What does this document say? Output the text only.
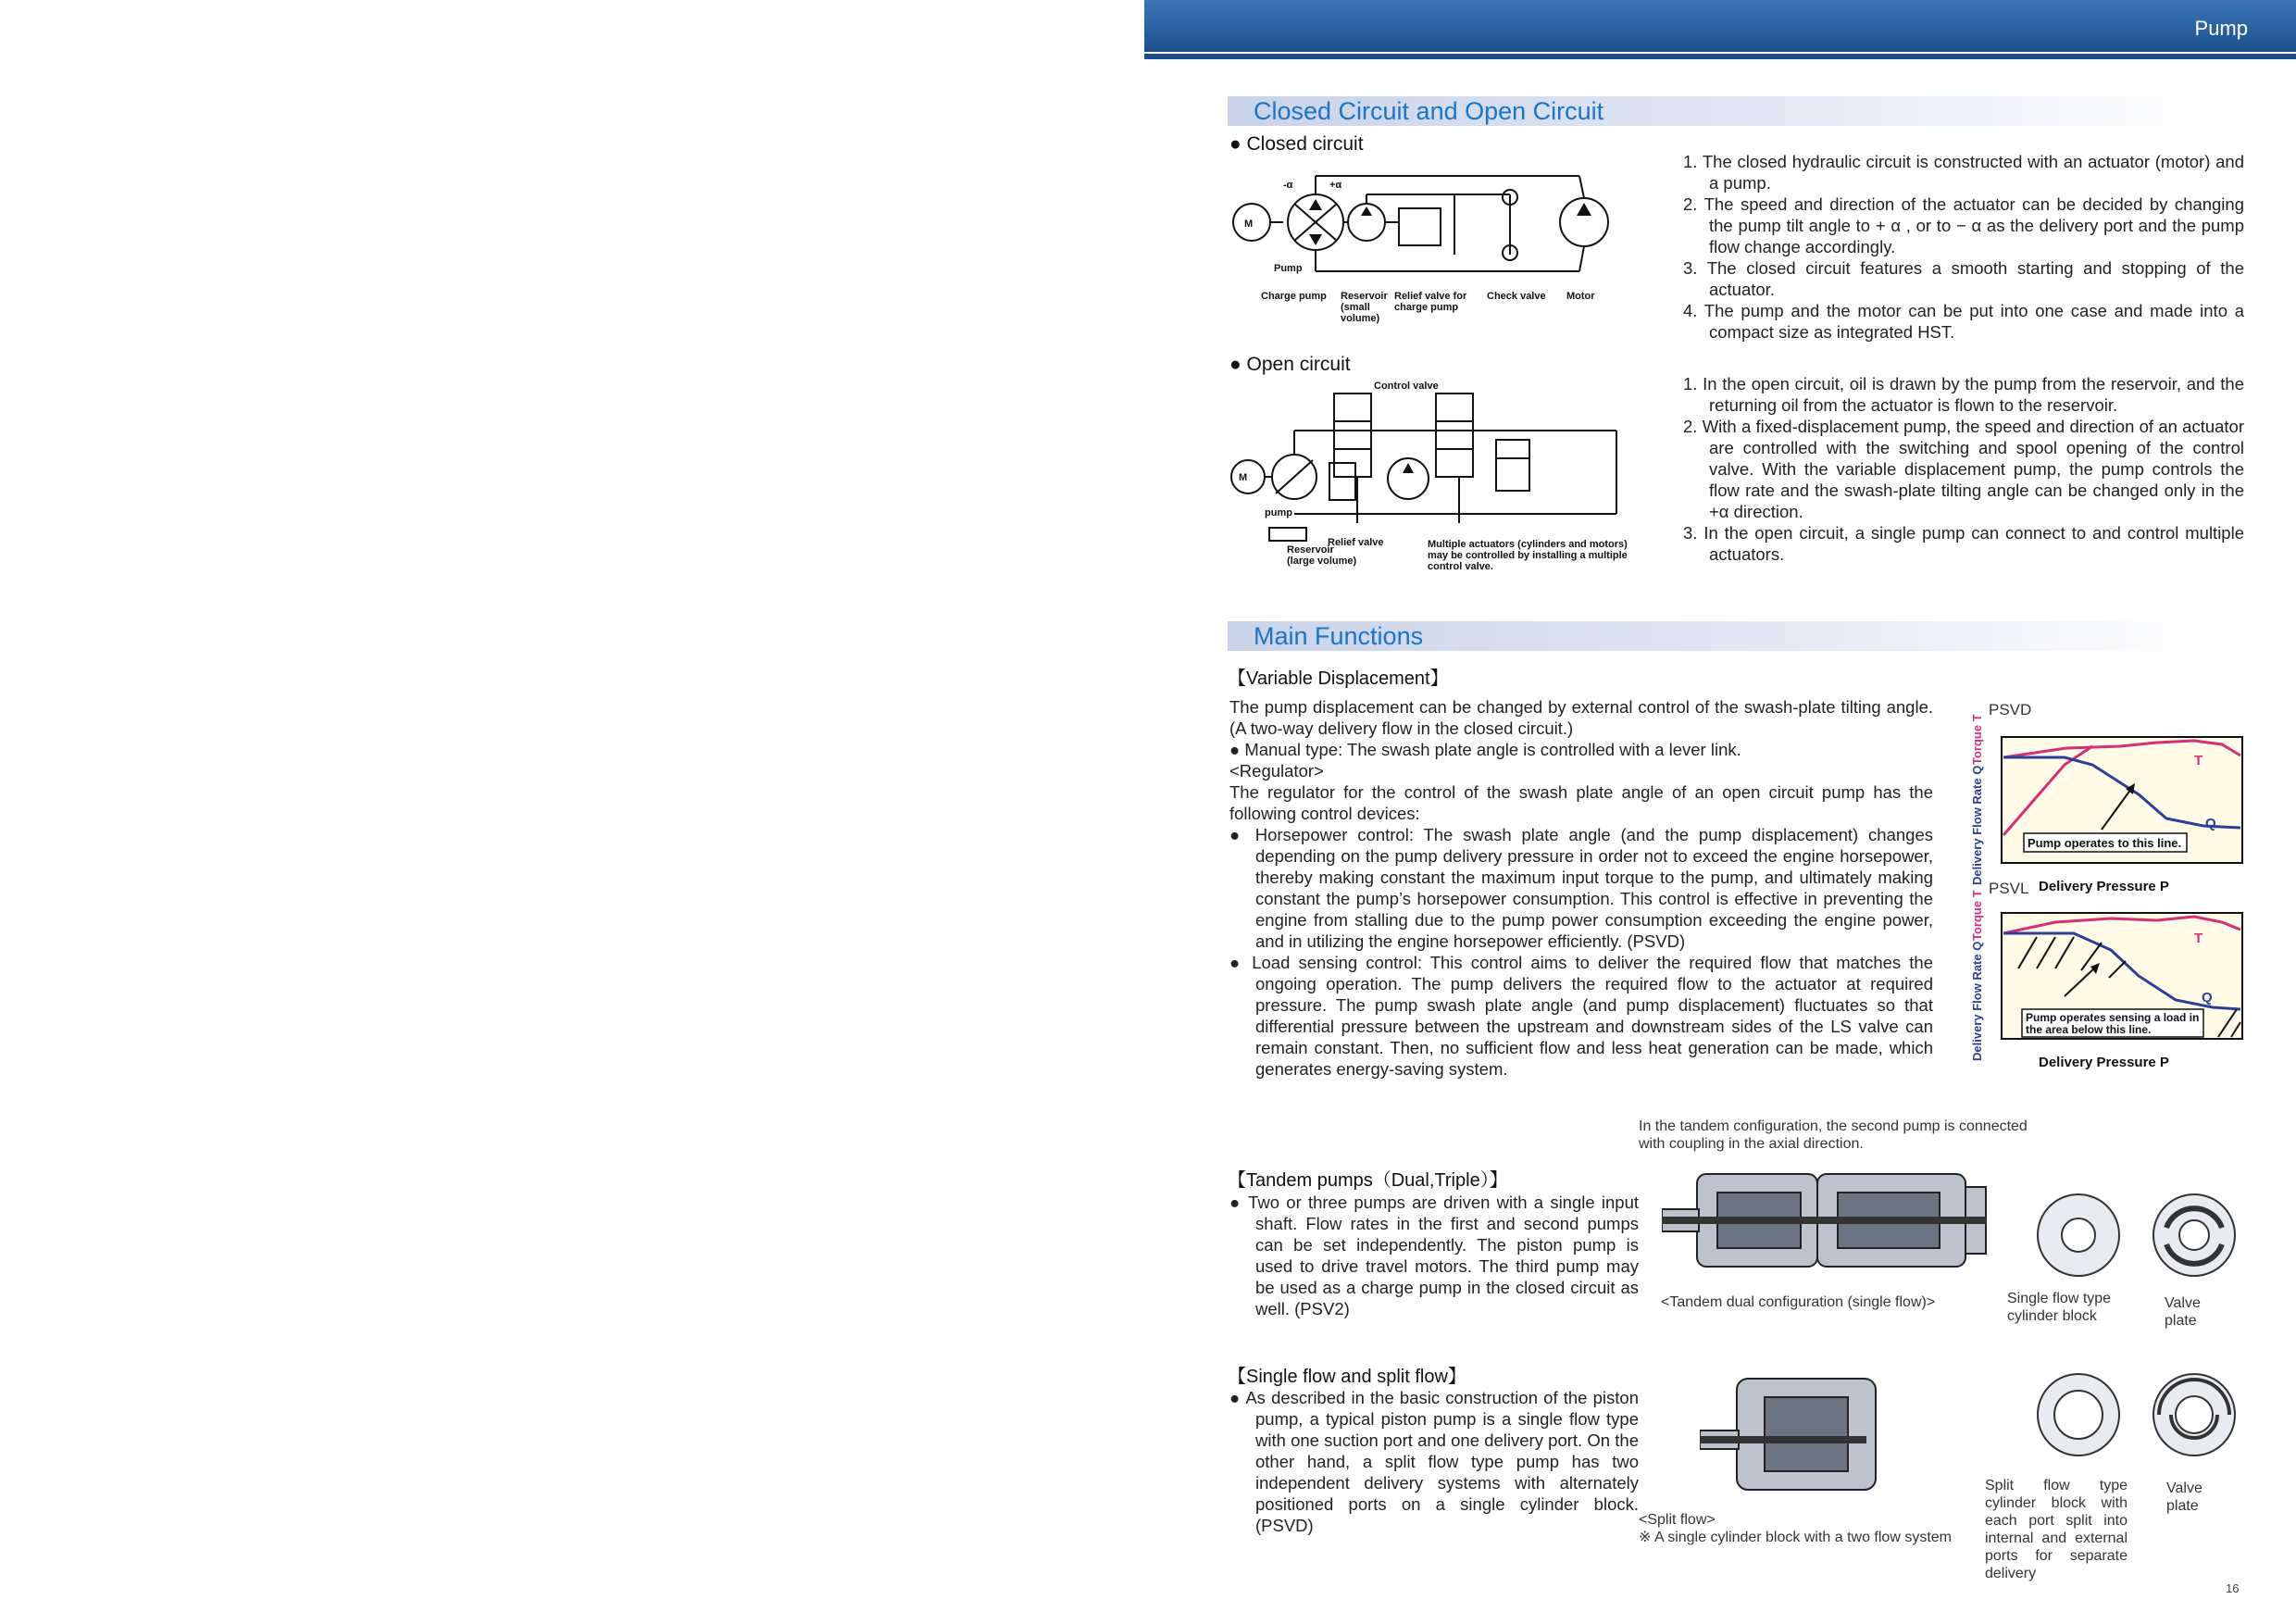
Pump
Closed Circuit and Open Circuit
● Closed circuit
M
-α	+α
Pump
Charge pump Reservoir (small volume)
Relief valve for charge pump
Check valve Motor
1. The closed hydraulic circuit is constructed with an actuator (motor) and a pump.
2. The speed and direction of the actuator can be decided by changing the pump tilt angle to + α , or to − α as the delivery port and the pump flow change accordingly.
3. The closed circuit features a smooth starting and stopping of the actuator.
4. The pump and the motor can be put into one case and made into a compact size as integrated HST.
● Open circuit
M
Control valve
pump
Relief valve
Reservoir (large volume)
Multiple actuators (cylinders and motors) may be controlled by installing a multiple control valve.
1. In the open circuit, oil is drawn by the pump from the reservoir, and the returning oil from the actuator is flown to the reservoir.
2. With a fixed-displacement pump, the speed and direction of an actuator are controlled with the switching and spool opening of the control valve. With the variable displacement pump, the pump controls the flow rate and the swash-plate tilting angle can be changed only in the +α direction.
3. In the open circuit, a single pump can connect to and control multiple actuators.
Main Functions
【Variable Displacement】
The pump displacement can be changed by external control of the swash-plate tilting angle. (A two-way delivery flow in the closed circuit.)
● Manual type: The swash plate angle is controlled with a lever link.
<Regulator>
The regulator for the control of the swash plate angle of an open circuit pump has the following control devices:
● Horsepower control: The swash plate angle (and the pump displacement) changes depending on the pump delivery pressure in order not to exceed the engine horsepower, thereby making constant the maximum input torque to the pump, and ultimately making constant the pump’s horsepower consumption. This control is effective in preventing the engine from stalling due to the pump power consumption exceeding the engine power, and in utilizing the engine horsepower efficiently. (PSVD)
● Load sensing control: This control aims to deliver the required flow that matches the ongoing operation. The pump delivers the required flow to the actuator at required pressure. The pump swash plate angle (and pump displacement) fluctuates so that differential pressure between the upstream and downstream sides of the LS valve can remain constant. Then, no sufficient flow and less heat generation can be made, which generates energy-saving system.
PSVD
Pump operates to this line.
T
Q
Delivery Pressure P
Delivery Flow Rate Q
Torque T
PSVL
Pump operates sensing a load in the area below this line.
T
Q
Delivery Pressure P
Delivery Flow Rate Q
Torque T
In the tandem configuration, the second pump is connected with coupling in the axial direction.
【Tandem pumps（Dual,Triple）】
● Two or three pumps are driven with a single input shaft. Flow rates in the first and second pumps can be set independently. The piston pump is used to drive travel motors. The third pump may be used as a charge pump in the closed circuit as well. (PSV2)	<Tandem dual configuration (single flow)>	Single flow type cylinder block
Valve plate
【Single flow and split flow】
● As described in the basic construction of the piston pump, a typical piston pump is a single flow type with one suction port and one delivery port. On the other hand, a split flow type pump has two independent delivery systems with alternately positioned ports on a single cylinder block. (PSVD)	<Split flow>
※ A single cylinder block with a two flow system
Split flow type cylinder block with each port split into internal and external ports for separate delivery
Valve plate
16
